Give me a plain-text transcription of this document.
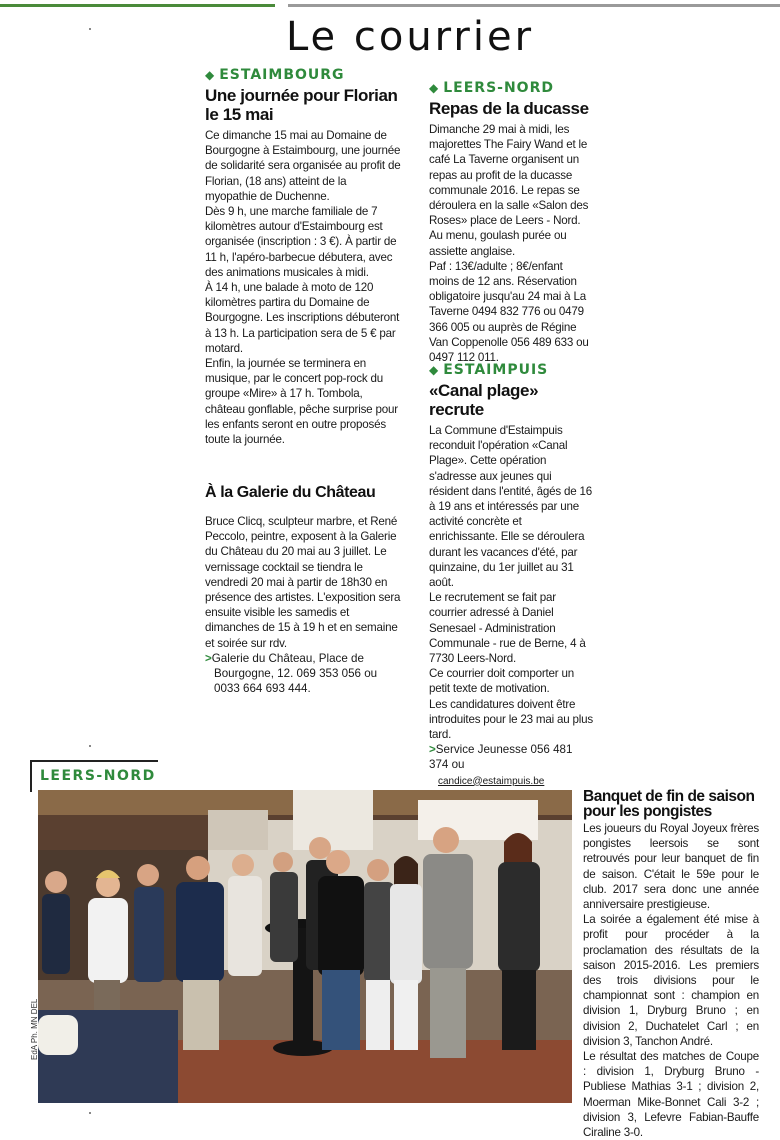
Le courrier
◆ ESTAIMBOURG
Une journée pour Florian le 15 mai

Ce dimanche 15 mai au Domaine de Bourgogne à Estaimbourg, une journée de solidarité sera organisée au profit de Florian, (18 ans) atteint de la myopathie de Duchenne.

Dès 9 h, une marche familiale de 7 kilomètres autour d'Estaimbourg est organisée (inscription : 3 €). À partir de 11 h, l'apéro-barbecue débutera, avec des animations musicales à midi.

À 14 h, une balade à moto de 120 kilomètres partira du Domaine de Bourgogne. Les inscriptions débuteront à 13 h. La participation sera de 5 € par motard.

Enfin, la journée se terminera en musique, par le concert pop-rock du groupe «Mire» à 17 h. Tombola, château gonflable, pêche surprise pour les enfants seront en outre proposés toute la journée.

À la Galerie du Château

Bruce Clicq, sculpteur marbre, et René Peccolo, peintre, exposent à la Galerie du Château du 20 mai au 3 juillet. Le vernissage cocktail se tiendra le vendredi 20 mai à partir de 18h30 en présence des artistes. L'exposition sera ensuite visible les samedis et dimanches de 15 à 19 h et en semaine et soirée sur rdv.

>Galerie du Château, Place de
Bourgogne, 12. 069 353 056 ou
0033 664 693 444.
◆ LEERS-NORD
Repas de la ducasse

Dimanche 29 mai à midi, les majorettes The Fairy Wand et le café La Taverne organisent un repas au profit de la ducasse communale 2016. Le repas se déroulera en la salle «Salon des Roses» place de Leers - Nord. Au menu, goulash purée ou assiette anglaise.

Paf : 13€/adulte ; 8€/enfant moins de 12 ans. Réservation obligatoire jusqu'au 24 mai à La Taverne 0494 832 776 ou 0479 366 005 ou auprès de Régine Van Coppenolle 056 489 633 ou 0497 112 011.

◆ ESTAIMPUIS
«Canal plage» recrute

La Commune d'Estaimpuis reconduit l'opération «Canal Plage». Cette opération s'adresse aux jeunes qui résident dans l'entité, âgés de 16 à 19 ans et intéressés par une activité concrète et enrichissante. Elle se déroulera durant les vacances d'été, par quinzaine, du 1er juillet au 31 août.

Le recrutement se fait par courrier adressé à Daniel Senesael - Administration Communale - rue de Berne, 4 à 7730 Leers-Nord.

Ce courrier doit comporter un petit texte de motivation.

Les candidatures doivent être introduites pour le 23 mai au plus tard.

>Service Jeunesse 056 481 374 ou
candice@estaimpuis.be
LEERS-NORD
EdA Ph. MN DEL
Banquet de fin de saison pour les pongistes

Les joueurs du Royal Joyeux frères pongistes leersois se sont retrouvés pour leur banquet de fin de saison. C'était le 59e pour le club. 2017 sera donc une année anniversaire prestigieuse.

La soirée a également été mise à profit pour procéder à la proclamation des résultats de la saison 2015-2016. Les premiers des trois divisions pour le championnat sont : champion en division 1, Dryburg Bruno ; en division 2, Duchatelet Carl ; en division 3, Tanchon André.

Le résultat des matches de Coupe : division 1, Dryburg Bruno - Publiese Mathias 3-1 ; division 2, Moerman Mike-Bonnet Cali 3-2 ; division 3, Lefevre Fabian-Bauffe Ciraline 3-0.
